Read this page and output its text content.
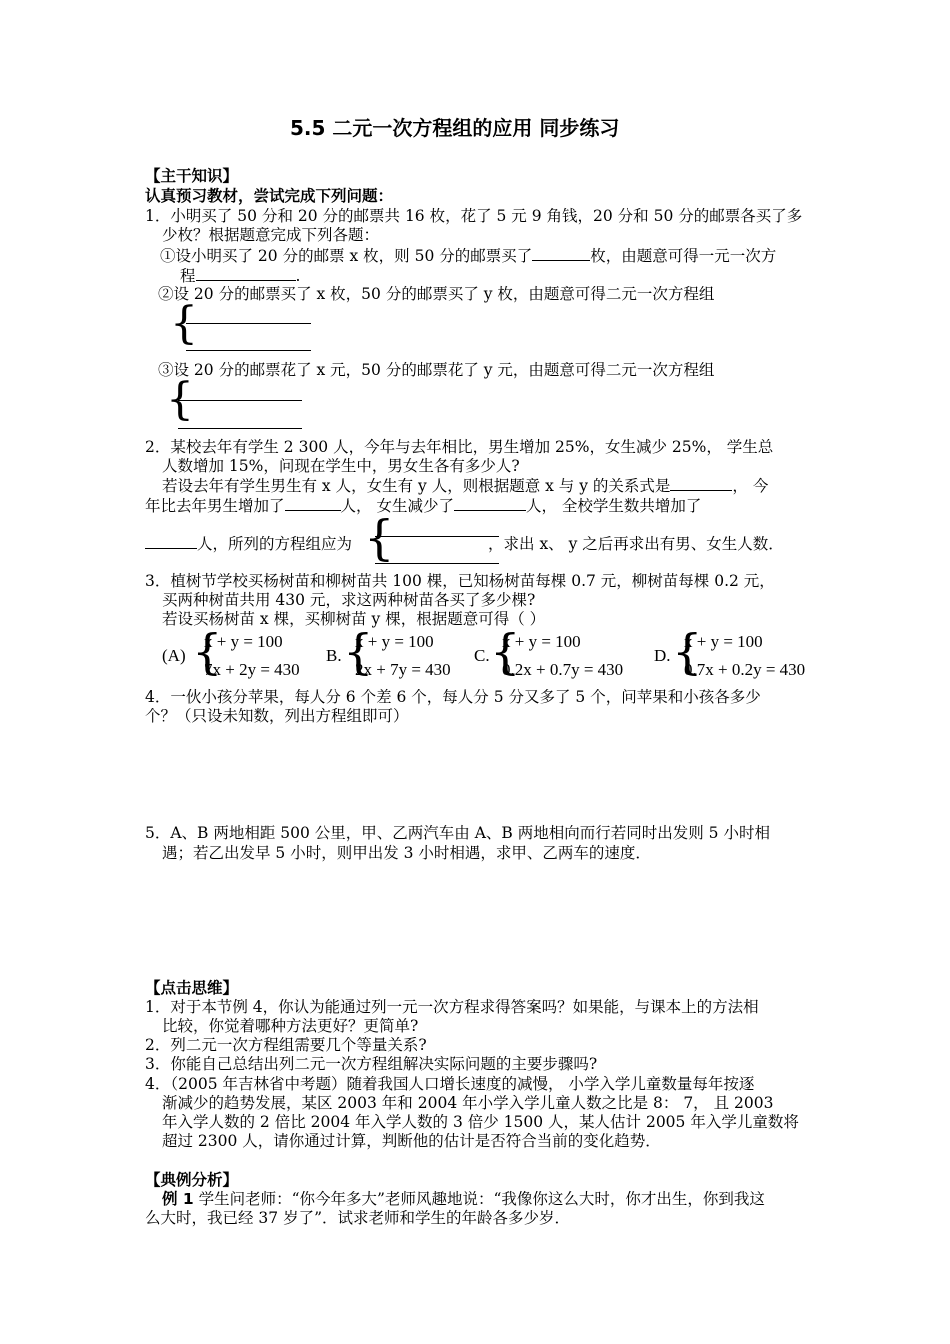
5.5 二元一次方程组的应用 同步练习
【主干知识】
认真预习教材，尝试完成下列问题：
1．小明买了 50 分和 20 分的邮票共 16 枚，花了 5 元 9 角钱，20 分和 50 分的邮票各买了多
少枚？根据题意完成下列各题：
①设小明买了 20 分的邮票 x 枚，则 50 分的邮票买了	枚，由题意可得一元一次方
程	.
②设 20 分的邮票买了 x 枚，50 分的邮票买了 y 枚，由题意可得二元一次方程组
{
③设 20 分的邮票花了 x 元，50 分的邮票花了 y 元，由题意可得二元一次方程组
{
2．某校去年有学生 2 300 人，今年与去年相比，男生增加 25%，女生减少 25%， 学生总
人数增加 15%，问现在学生中，男女生各有多少人?
若设去年有学生男生有 x 人，女生有 y 人，则根据题意 x 与 y 的关系式是	， 今
年比去年男生增加了	人， 女生减少了	人， 全校学生数共增加了
人，所列的方程组应为	，求出 x、 y 之后再求出有男、女生人数．
{
3．植树节学校买杨树苗和柳树苗共 100 棵，已知杨树苗每棵 0.7 元，柳树苗每棵 0.2 元，
买两种树苗共用 430 元，求这两种树苗各买了多少棵?
若设买杨树苗 x 棵，买柳树苗 y 棵，根据题意可得（ ）
(A) {
x + y = 100
7x + 2y = 430
B. {
x + y = 100
2x + 7y = 430
C. {
x + y = 100
0.2x + 0.7y = 430
D. {
x + y = 100
0.7x + 0.2y = 430
4．一伙小孩分苹果，每人分 6 个差 6 个，每人分 5 分又多了 5 个，问苹果和小孩各多少
个？（只设未知数，列出方程组即可）
5．A、B 两地相距 500 公里，甲、乙两汽车由 A、B 两地相向而行若同时出发则 5 小时相
遇；若乙出发早 5 小时，则甲出发 3 小时相遇，求甲、乙两车的速度．
【点击思维】
1．对于本节例 4，你认为能通过列一元一次方程求得答案吗？如果能，与课本上的方法相
比较，你觉着哪种方法更好？更简单?
2．列二元一次方程组需要几个等量关系?
3．你能自己总结出列二元一次方程组解决实际问题的主要步骤吗?
4．（2005 年吉林省中考题）随着我国人口增长速度的减慢， 小学入学儿童数量每年按逐
渐减少的趋势发展，某区 2003 年和 2004 年小学入学儿童人数之比是 8： 7， 且 2003
年入学人数的 2 倍比 2004 年入学人数的 3 倍少 1500 人，某人估计 2005 年入学儿童数将
超过 2300 人，请你通过计算，判断他的估计是否符合当前的变化趋势．
【典例分析】
例 1 学生问老师：“你今年多大”老师风趣地说：“我像你这么大时，你才出生，你到我这
么大时，我已经 37 岁了”．试求老师和学生的年龄各多少岁．
